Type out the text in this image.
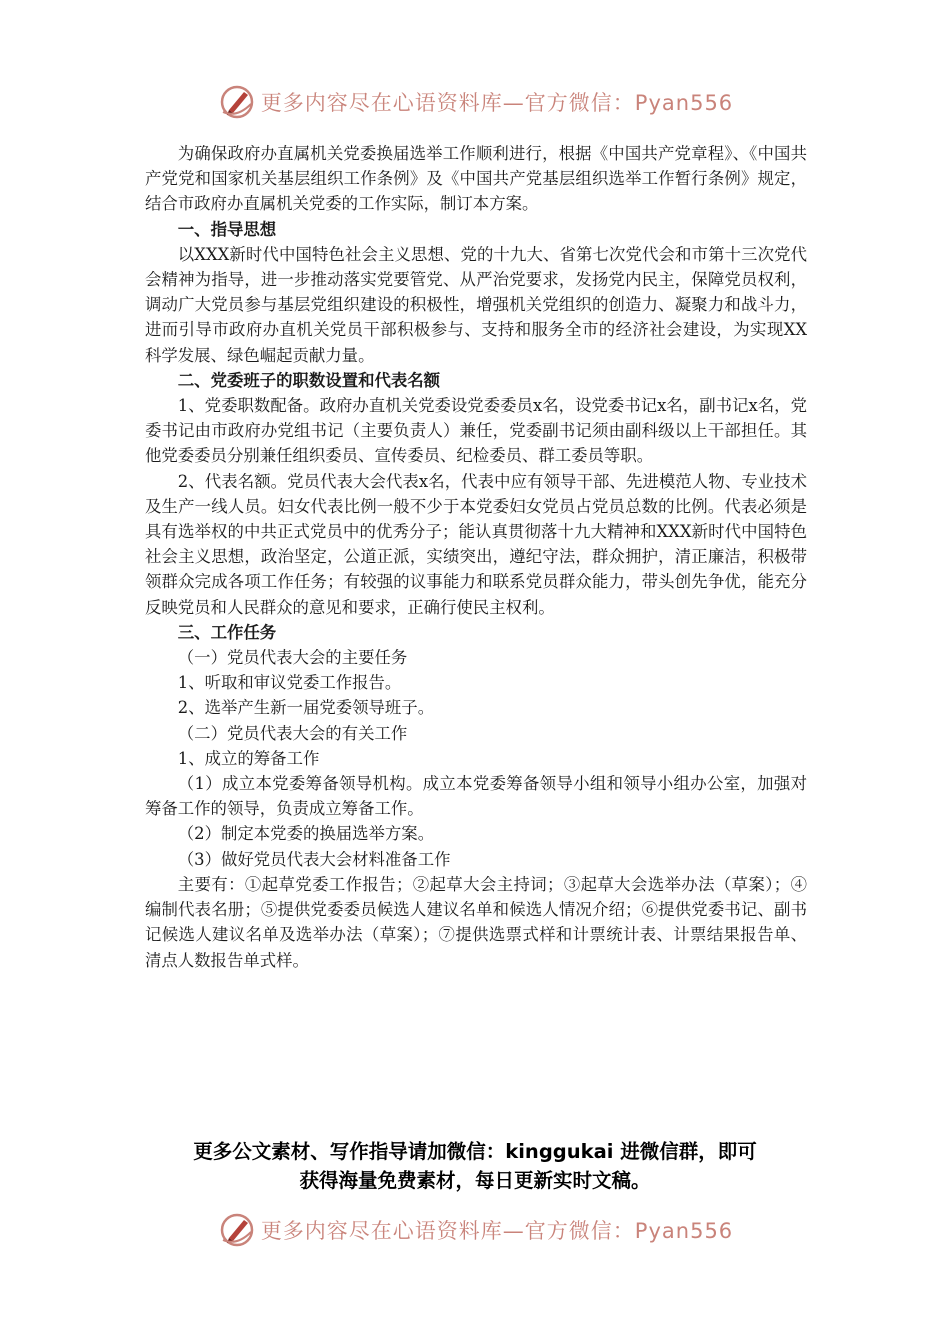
更多内容尽在心语资料库—官方微信：Pyan556

为确保政府办直属机关党委换届选举工作顺利进行，根据《中国共产党章程》、《中国共产党党和国家机关基层组织工作条例》及《中国共产党基层组织选举工作暂行条例》规定，结合市政府办直属机关党委的工作实际，制订本方案。

一、指导思想

以XXX新时代中国特色社会主义思想、党的十九大、省第七次党代会和市第十三次党代会精神为指导，进一步推动落实党要管党、从严治党要求，发扬党内民主，保障党员权利，调动广大党员参与基层党组织建设的积极性，增强机关党组织的创造力、凝聚力和战斗力，进而引导市政府办直机关党员干部积极参与、支持和服务全市的经济社会建设，为实现XX科学发展、绿色崛起贡献力量。

二、党委班子的职数设置和代表名额

1、党委职数配备。政府办直机关党委设党委委员x名，设党委书记x名，副书记x名，党委书记由市政府办党组书记（主要负责人）兼任，党委副书记须由副科级以上干部担任。其他党委委员分别兼任组织委员、宣传委员、纪检委员、群工委员等职。

2、代表名额。党员代表大会代表x名，代表中应有领导干部、先进模范人物、专业技术及生产一线人员。妇女代表比例一般不少于本党委妇女党员占党员总数的比例。代表必须是具有选举权的中共正式党员中的优秀分子；能认真贯彻落十九大精神和XXX新时代中国特色社会主义思想，政治坚定，公道正派，实绩突出，遵纪守法，群众拥护，清正廉洁，积极带领群众完成各项工作任务；有较强的议事能力和联系党员群众能力，带头创先争优，能充分反映党员和人民群众的意见和要求，正确行使民主权利。

三、工作任务

（一）党员代表大会的主要任务

1、听取和审议党委工作报告。

2、选举产生新一届党委领导班子。

（二）党员代表大会的有关工作

1、成立的筹备工作

（1）成立本党委筹备领导机构。成立本党委筹备领导小组和领导小组办公室，加强对筹备工作的领导，负责成立筹备工作。

（2）制定本党委的换届选举方案。

（3）做好党员代表大会材料准备工作

主要有：①起草党委工作报告；②起草大会主持词；③起草大会选举办法（草案）；④编制代表名册；⑤提供党委委员候选人建议名单和候选人情况介绍；⑥提供党委书记、副书记候选人建议名单及选举办法（草案）；⑦提供选票式样和计票统计表、计票结果报告单、清点人数报告单式样。

更多公文素材、写作指导请加微信：kinggukai 进微信群，即可
获得海量免费素材，每日更新实时文稿。
更多内容尽在心语资料库—官方微信：Pyan556
